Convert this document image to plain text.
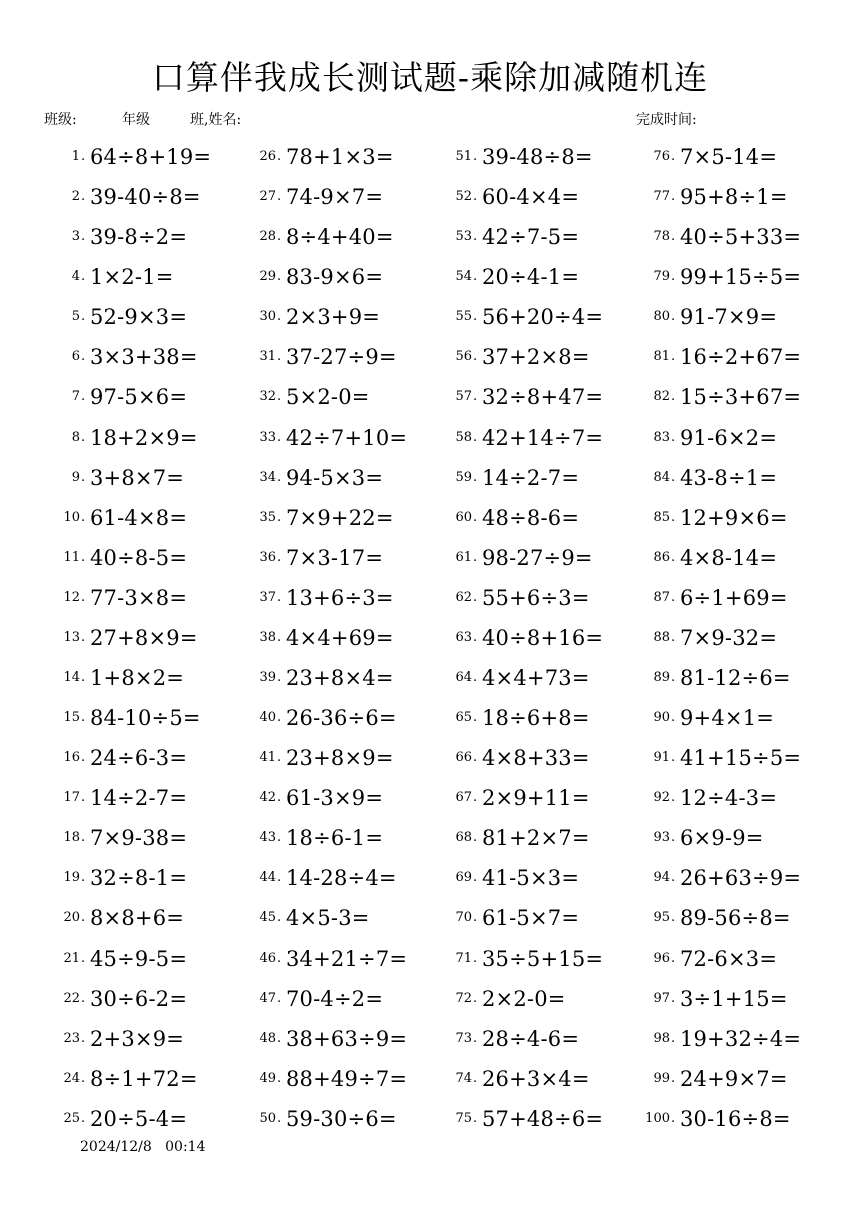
口算伴我成长测试题-乘除加减随机连
班级:	年级	班,姓名:	完成时间:
1 . 64÷8+19=
2 . 39-40÷8=
3 . 39-8÷2=
4 . 1×2-1=
5 . 52-9×3=
6 . 3×3+38=
7 . 97-5×6=
8 . 18+2×9=
9 . 3+8×7=
10 . 61-4×8=
11 . 40÷8-5=
12 . 77-3×8=
13 . 27+8×9=
14 . 1+8×2=
15 . 84-10÷5=
16 . 24÷6-3=
17 . 14÷2-7=
18 . 7×9-38=
19 . 32÷8-1=
20 . 8×8+6=
21 . 45÷9-5=
22 . 30÷6-2=
23 . 2+3×9=
24 . 8÷1+72=
25 . 20÷5-4=
26 . 78+1×3=
27 . 74-9×7=
28 . 8÷4+40=
29 . 83-9×6=
30 . 2×3+9=
31 . 37-27÷9=
32 . 5×2-0=
33 . 42÷7+10=
34 . 94-5×3=
35 . 7×9+22=
36 . 7×3-17=
37 . 13+6÷3=
38 . 4×4+69=
39 . 23+8×4=
40 . 26-36÷6=
41 . 23+8×9=
42 . 61-3×9=
43 . 18÷6-1=
44 . 14-28÷4=
45 . 4×5-3=
46 . 34+21÷7=
47 . 70-4÷2=
48 . 38+63÷9=
49 . 88+49÷7=
50 . 59-30÷6=
51 . 39-48÷8=
52 . 60-4×4=
53 . 42÷7-5=
54 . 20÷4-1=
55 . 56+20÷4=
56 . 37+2×8=
57 . 32÷8+47=
58 . 42+14÷7=
59 . 14÷2-7=
60 . 48÷8-6=
61 . 98-27÷9=
62 . 55+6÷3=
63 . 40÷8+16=
64 . 4×4+73=
65 . 18÷6+8=
66 . 4×8+33=
67 . 2×9+11=
68 . 81+2×7=
69 . 41-5×3=
70 . 61-5×7=
71 . 35÷5+15=
72 . 2×2-0=
73 . 28÷4-6=
74 . 26+3×4=
75 . 57+48÷6=
76 . 7×5-14=
77 . 95+8÷1=
78 . 40÷5+33=
79 . 99+15÷5=
80 . 91-7×9=
81 . 16÷2+67=
82 . 15÷3+67=
83 . 91-6×2=
84 . 43-8÷1=
85 . 12+9×6=
86 . 4×8-14=
87 . 6÷1+69=
88 . 7×9-32=
89 . 81-12÷6=
90 . 9+4×1=
91 . 41+15÷5=
92 . 12÷4-3=
93 . 6×9-9=
94 . 26+63÷9=
95 . 89-56÷8=
96 . 72-6×3=
97 . 3÷1+15=
98 . 19+32÷4=
99 . 24+9×7=
100 . 30-16÷8=
2024/12/8   00:14
